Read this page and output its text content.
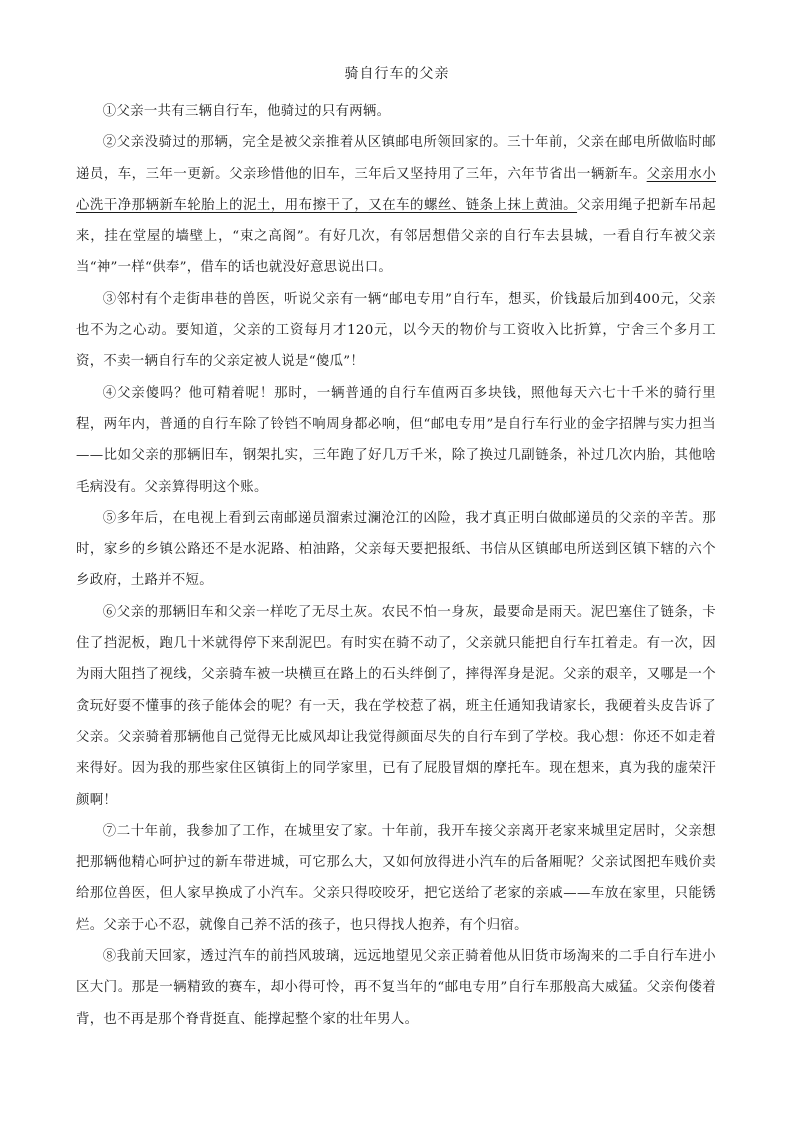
骑自行车的父亲

①父亲一共有三辆自行车，他骑过的只有两辆。

②父亲没骑过的那辆，完全是被父亲推着从区镇邮电所领回家的。三十年前，父亲在邮电所做临时邮递员，车，三年一更新。父亲珍惜他的旧车，三年后又坚持用了三年，六年节省出一辆新车。父亲用水小心洗干净那辆新车轮胎上的泥土，用布擦干了，又在车的螺丝、链条上抹上黄油。父亲用绳子把新车吊起来，挂在堂屋的墙壁上，“束之高阁”。有好几次，有邻居想借父亲的自行车去县城，一看自行车被父亲当“神”一样“供奉”，借车的话也就没好意思说出口。

③邻村有个走街串巷的兽医，听说父亲有一辆“邮电专用”自行车，想买，价钱最后加到400元，父亲也不为之心动。要知道，父亲的工资每月才120元，以今天的物价与工资收入比折算，宁舍三个多月工资，不卖一辆自行车的父亲定被人说是“傻瓜”！

④父亲傻吗？他可精着呢！那时，一辆普通的自行车值两百多块钱，照他每天六七十千米的骑行里程，两年内，普通的自行车除了铃铛不响周身都必响，但“邮电专用”是自行车行业的金字招牌与实力担当——比如父亲的那辆旧车，钢架扎实，三年跑了好几万千米，除了换过几副链条，补过几次内胎，其他啥毛病没有。父亲算得明这个账。

⑤多年后，在电视上看到云南邮递员溜索过澜沧江的凶险，我才真正明白做邮递员的父亲的辛苦。那时，家乡的乡镇公路还不是水泥路、柏油路，父亲每天要把报纸、书信从区镇邮电所送到区镇下辖的六个乡政府，土路并不短。

⑥父亲的那辆旧车和父亲一样吃了无尽土灰。农民不怕一身灰，最要命是雨天。泥巴塞住了链条，卡住了挡泥板，跑几十米就得停下来刮泥巴。有时实在骑不动了，父亲就只能把自行车扛着走。有一次，因为雨大阻挡了视线，父亲骑车被一块横亘在路上的石头绊倒了，摔得浑身是泥。父亲的艰辛，又哪是一个贪玩好耍不懂事的孩子能体会的呢？有一天，我在学校惹了祸，班主任通知我请家长，我硬着头皮告诉了父亲。父亲骑着那辆他自己觉得无比威风却让我觉得颜面尽失的自行车到了学校。我心想：你还不如走着来得好。因为我的那些家住区镇街上的同学家里，已有了屁股冒烟的摩托车。现在想来，真为我的虚荣汗颜啊！

⑦二十年前，我参加了工作，在城里安了家。十年前，我开车接父亲离开老家来城里定居时，父亲想把那辆他精心呵护过的新车带进城，可它那么大，又如何放得进小汽车的后备厢呢？父亲试图把车贱价卖给那位兽医，但人家早换成了小汽车。父亲只得咬咬牙，把它送给了老家的亲戚——车放在家里，只能锈烂。父亲于心不忍，就像自己养不活的孩子，也只得找人抱养，有个归宿。

⑧我前天回家，透过汽车的前挡风玻璃，远远地望见父亲正骑着他从旧货市场淘来的二手自行车进小区大门。那是一辆精致的赛车，却小得可怜，再不复当年的“邮电专用”自行车那般高大威猛。父亲佝偻着背，也不再是那个脊背挺直、能撑起整个家的壮年男人。
